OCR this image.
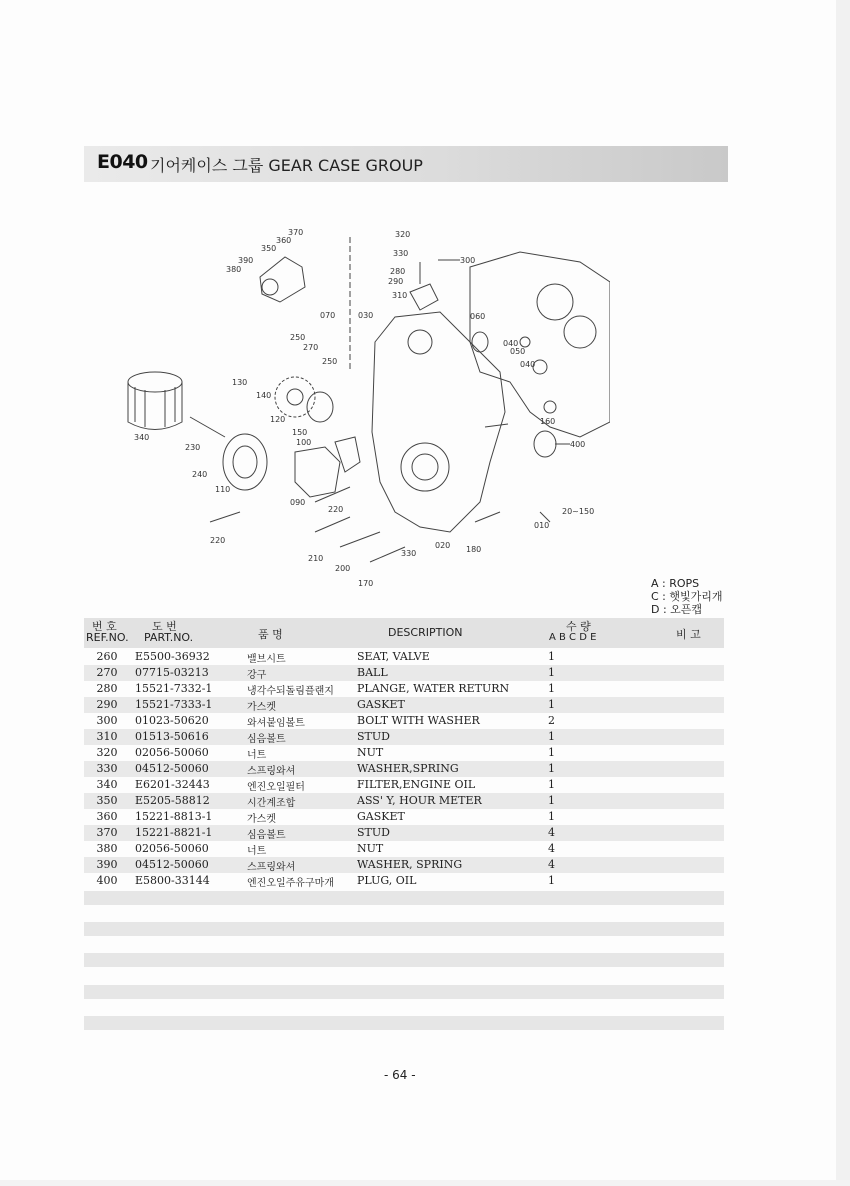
E040 기어케이스 그룹 GEAR CASE GROUP
370
360
350
390
380
320
330
300
280
290
310
070	030	060
250
270
250
040
050
040
130
140
120
340
230
150
100
160
400
240
110
090
220
010
20~150
220
210
200
170
330
020 180
A : ROPS
C : 햇빛가리개
D : 오픈캡
번 호
REF.NO.
도 번
PART.NO.	품 명	DESCRIPTION	수 량
A B C D E	비 고
260	E5500-36932	밸브시트	SEAT, VALVE	1
270	07715-03213	강구	BALL	1
280	15521-7332-1	냉각수되돌림플랜지 PLANGE, WATER RETURN	1
290	15521-7333-1	가스켓	GASKET	1
300	01023-50620	와셔붙임볼트	BOLT WITH WASHER	2
310	01513-50616	심음볼트	STUD	1
320	02056-50060	너트	NUT	1
330	04512-50060	스프링와셔	WASHER,SPRING	1
340	E6201-32443	엔진오일필터	FILTER,ENGINE OIL	1
350	E5205-58812	시간계조합	ASS' Y, HOUR METER	1
360	15221-8813-1	가스켓	GASKET	1
370	15221-8821-1	심음볼트	STUD	4
380	02056-50060	너트	NUT	4
390	04512-50060	스프링와셔	WASHER, SPRING	4
400	E5800-33144	엔진오일주유구마개 PLUG, OIL	1
- 64 -
